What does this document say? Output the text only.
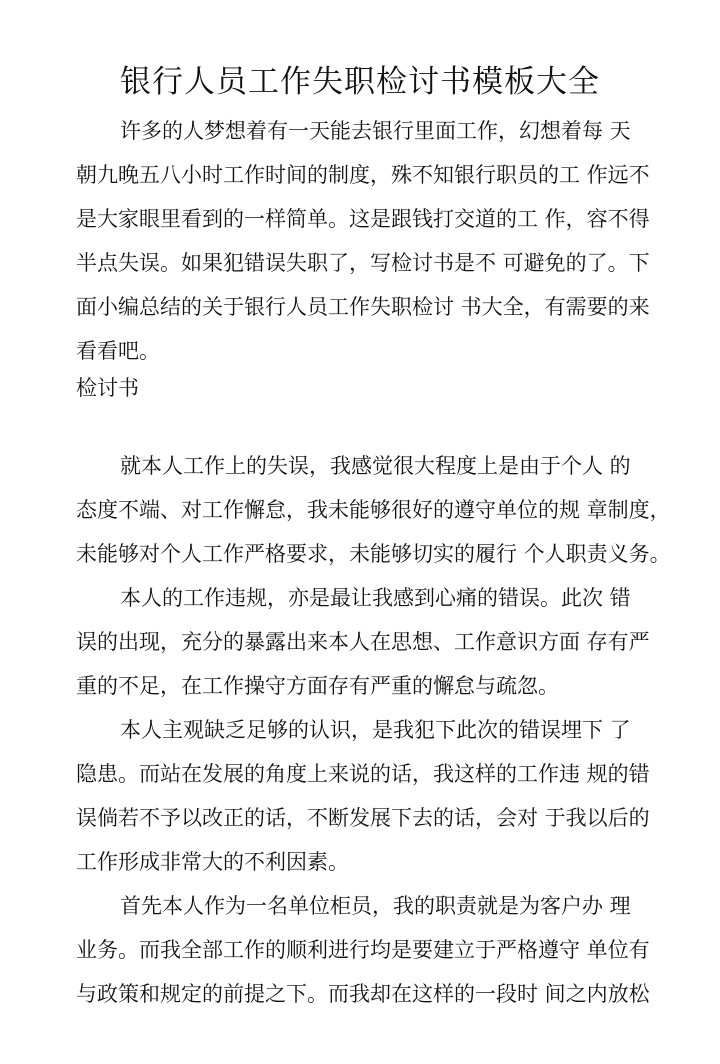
银行人员工作失职检讨书模板大全
许多的人梦想着有一天能去银行里面工作，幻想着每 天
朝九晚五八小时工作时间的制度，殊不知银行职员的工 作远不
是大家眼里看到的一样简单。这是跟钱打交道的工 作，容不得
半点失误。如果犯错误失职了，写检讨书是不 可避免的了。下
面小编总结的关于银行人员工作失职检讨 书大全，有需要的来
看看吧。
检讨书
就本人工作上的失误，我感觉很大程度上是由于个人 的
态度不端、对工作懈怠，我未能够很好的遵守单位的规 章制度，
未能够对个人工作严格要求，未能够切实的履行 个人职责义务。
本人的工作违规，亦是最让我感到心痛的错误。此次 错
误的出现，充分的暴露出来本人在思想、工作意识方面 存有严
重的不足，在工作操守方面存有严重的懈怠与疏忽。
本人主观缺乏足够的认识，是我犯下此次的错误埋下 了
隐患。而站在发展的角度上来说的话，我这样的工作违 规的错
误倘若不予以改正的话，不断发展下去的话，会对 于我以后的
工作形成非常大的不利因素。
首先本人作为一名单位柜员，我的职责就是为客户办 理
业务。而我全部工作的顺利进行均是要建立于严格遵守 单位有
与政策和规定的前提之下。而我却在这样的一段时 间之内放松
